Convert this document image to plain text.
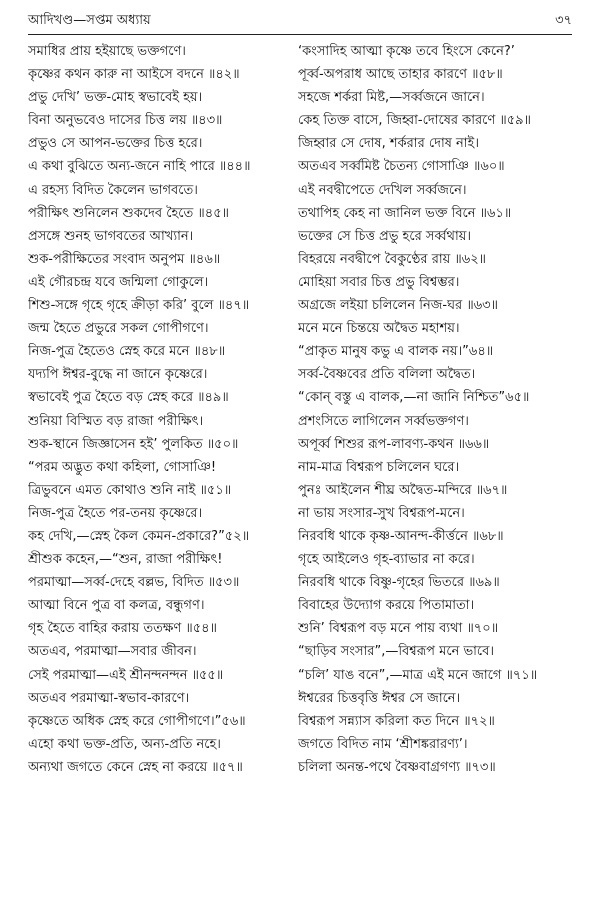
আদিখণ্ড—সপ্তম অধ্যায়	৩৭
সমাধির প্রায় হইয়াছে ভক্তগণে।
কৃষ্ণের কথন কারু না আইসে বদনে ॥৪২॥
প্রভু দেখি’ ভক্ত-মোহ স্বভাবেই হয়।
বিনা অনুভবেও দাসের চিত্ত লয় ॥৪৩॥
প্রভুও সে আপন-ভক্তের চিত্ত হরে।
এ কথা বুঝিতে অন্য-জনে নাহি পারে ॥৪৪॥
এ রহস্য বিদিত কৈলেন ভাগবতে।
পরীক্ষিৎ শুনিলেন শুকদেব হৈতে ॥৪৫॥
প্রসঙ্গে শুনহ ভাগবতের আখ্যান।
শুক-পরীক্ষিতের সংবাদ অনুপম ॥৪৬॥
এই গৌরচন্দ্র যবে জন্মিলা গোকুলে।
শিশু-সঙ্গে গৃহে গৃহে ক্রীড়া করি’ বুলে ॥৪৭॥
জন্ম হৈতে প্রভুরে সকল গোপীগণে।
নিজ-পুত্র হৈতেও স্নেহ করে মনে ॥৪৮॥
যদ্যপি ঈশ্বর-বুদ্ধে না জানে কৃষ্ণেরে।
স্বভাবেই পুত্র হৈতে বড় স্নেহ করে ॥৪৯॥
শুনিয়া বিস্মিত বড় রাজা পরীক্ষিৎ।
শুক-স্থানে জিজ্ঞাসেন হই’ পুলকিত ॥৫০॥
“পরম অদ্ভুত কথা কহিলা, গোসাঞি!
ত্রিভুবনে এমত কোথাও শুনি নাই ॥৫১॥
নিজ-পুত্র হৈতে পর-তনয় কৃষ্ণেরে।
কহ দেখি,—স্নেহ কৈল কেমন-প্রকারে?”৫২॥
শ্রীশুক কহেন,—“শুন, রাজা পরীক্ষিৎ!
পরমাত্মা—সর্ব্ব-দেহে বল্লভ, বিদিত ॥৫৩॥
আত্মা বিনে পুত্র বা কলত্র, বন্ধুগণ।
গৃহ হৈতে বাহির করায় ততক্ষণ ॥৫৪॥
অতএব, পরমাত্মা—সবার জীবন।
সেই পরমাত্মা—এই শ্রীনন্দনন্দন ॥৫৫॥
অতএব পরমাত্মা-স্বভাব-কারণে।
কৃষ্ণেতে অধিক স্নেহ করে গোপীগণে।”৫৬॥
এহো কথা ভক্ত-প্রতি, অন্য-প্রতি নহে।
অন্যথা জগতে কেনে স্নেহ না করয়ে ॥৫৭॥
‘কংসাদিহ আত্মা কৃষ্ণে তবে হিংসে কেনে?’
পূর্ব্ব-অপরাধ আছে তাহার কারণে ॥৫৮॥
সহজে শর্করা মিষ্ট,—সর্ব্বজনে জানে।
কেহ তিক্ত বাসে, জিহ্বা-দোষের কারণে ॥৫৯॥
জিহ্বার সে দোষ, শর্করার দোষ নাই।
অতএব সর্ব্বমিষ্ট চৈতন্য গোসাঞি ॥৬০॥
এই নবদ্বীপেতে দেখিল সর্ব্বজনে।
তথাপিহ কেহ না জানিল ভক্ত বিনে ॥৬১॥
ভক্তের সে চিত্ত প্রভু হরে সর্ব্বথায়।
বিহরয়ে নবদ্বীপে বৈকুণ্ঠের রায় ॥৬২॥
মোহিয়া সবার চিত্ত প্রভু বিশ্বম্ভর।
অগ্রজে লইয়া চলিলেন নিজ-ঘর ॥৬৩॥
মনে মনে চিন্তয়ে অদ্বৈত মহাশয়।
“প্রাকৃত মানুষ কভু এ বালক নয়।”৬৪॥
সর্ব্ব-বৈষ্ণবের প্রতি বলিলা অদ্বৈত।
“কোন্ বস্তু এ বালক,—না জানি নিশ্চিত”৬৫॥
প্রশংসিতে লাগিলেন সর্ব্বভক্তগণ।
অপূর্ব্ব শিশুর রূপ-লাবণ্য-কথন ॥৬৬॥
নাম-মাত্র বিশ্বরূপ চলিলেন ঘরে।
পুনঃ আইলেন শীঘ্র অদ্বৈত-মন্দিরে ॥৬৭॥
না ভায় সংসার-সুখ বিশ্বরূপ-মনে।
নিরবধি থাকে কৃষ্ণ-আনন্দ-কীর্ত্তনে ॥৬৮॥
গৃহে আইলেও গৃহ-ব্যাভার না করে।
নিরবধি থাকে বিষ্ণু-গৃহের ভিতরে ॥৬৯॥
বিবাহের উদ্যোগ করয়ে পিতামাতা।
শুনি’ বিশ্বরূপ বড় মনে পায় ব্যথা ॥৭০॥
“ছাড়িব সংসার”,—বিশ্বরূপ মনে ভাবে।
“চলি’ যাঙ বনে”,—মাত্র এই মনে জাগে ॥৭১॥
ঈশ্বরের চিত্তবৃত্তি ঈশ্বর সে জানে।
বিশ্বরূপ সন্ন্যাস করিলা কত দিনে ॥৭২॥
জগতে বিদিত নাম ‘শ্রীশঙ্করারণ্য’।
চলিলা অনন্ত-পথে বৈষ্ণবাগ্রগণ্য ॥৭৩॥
